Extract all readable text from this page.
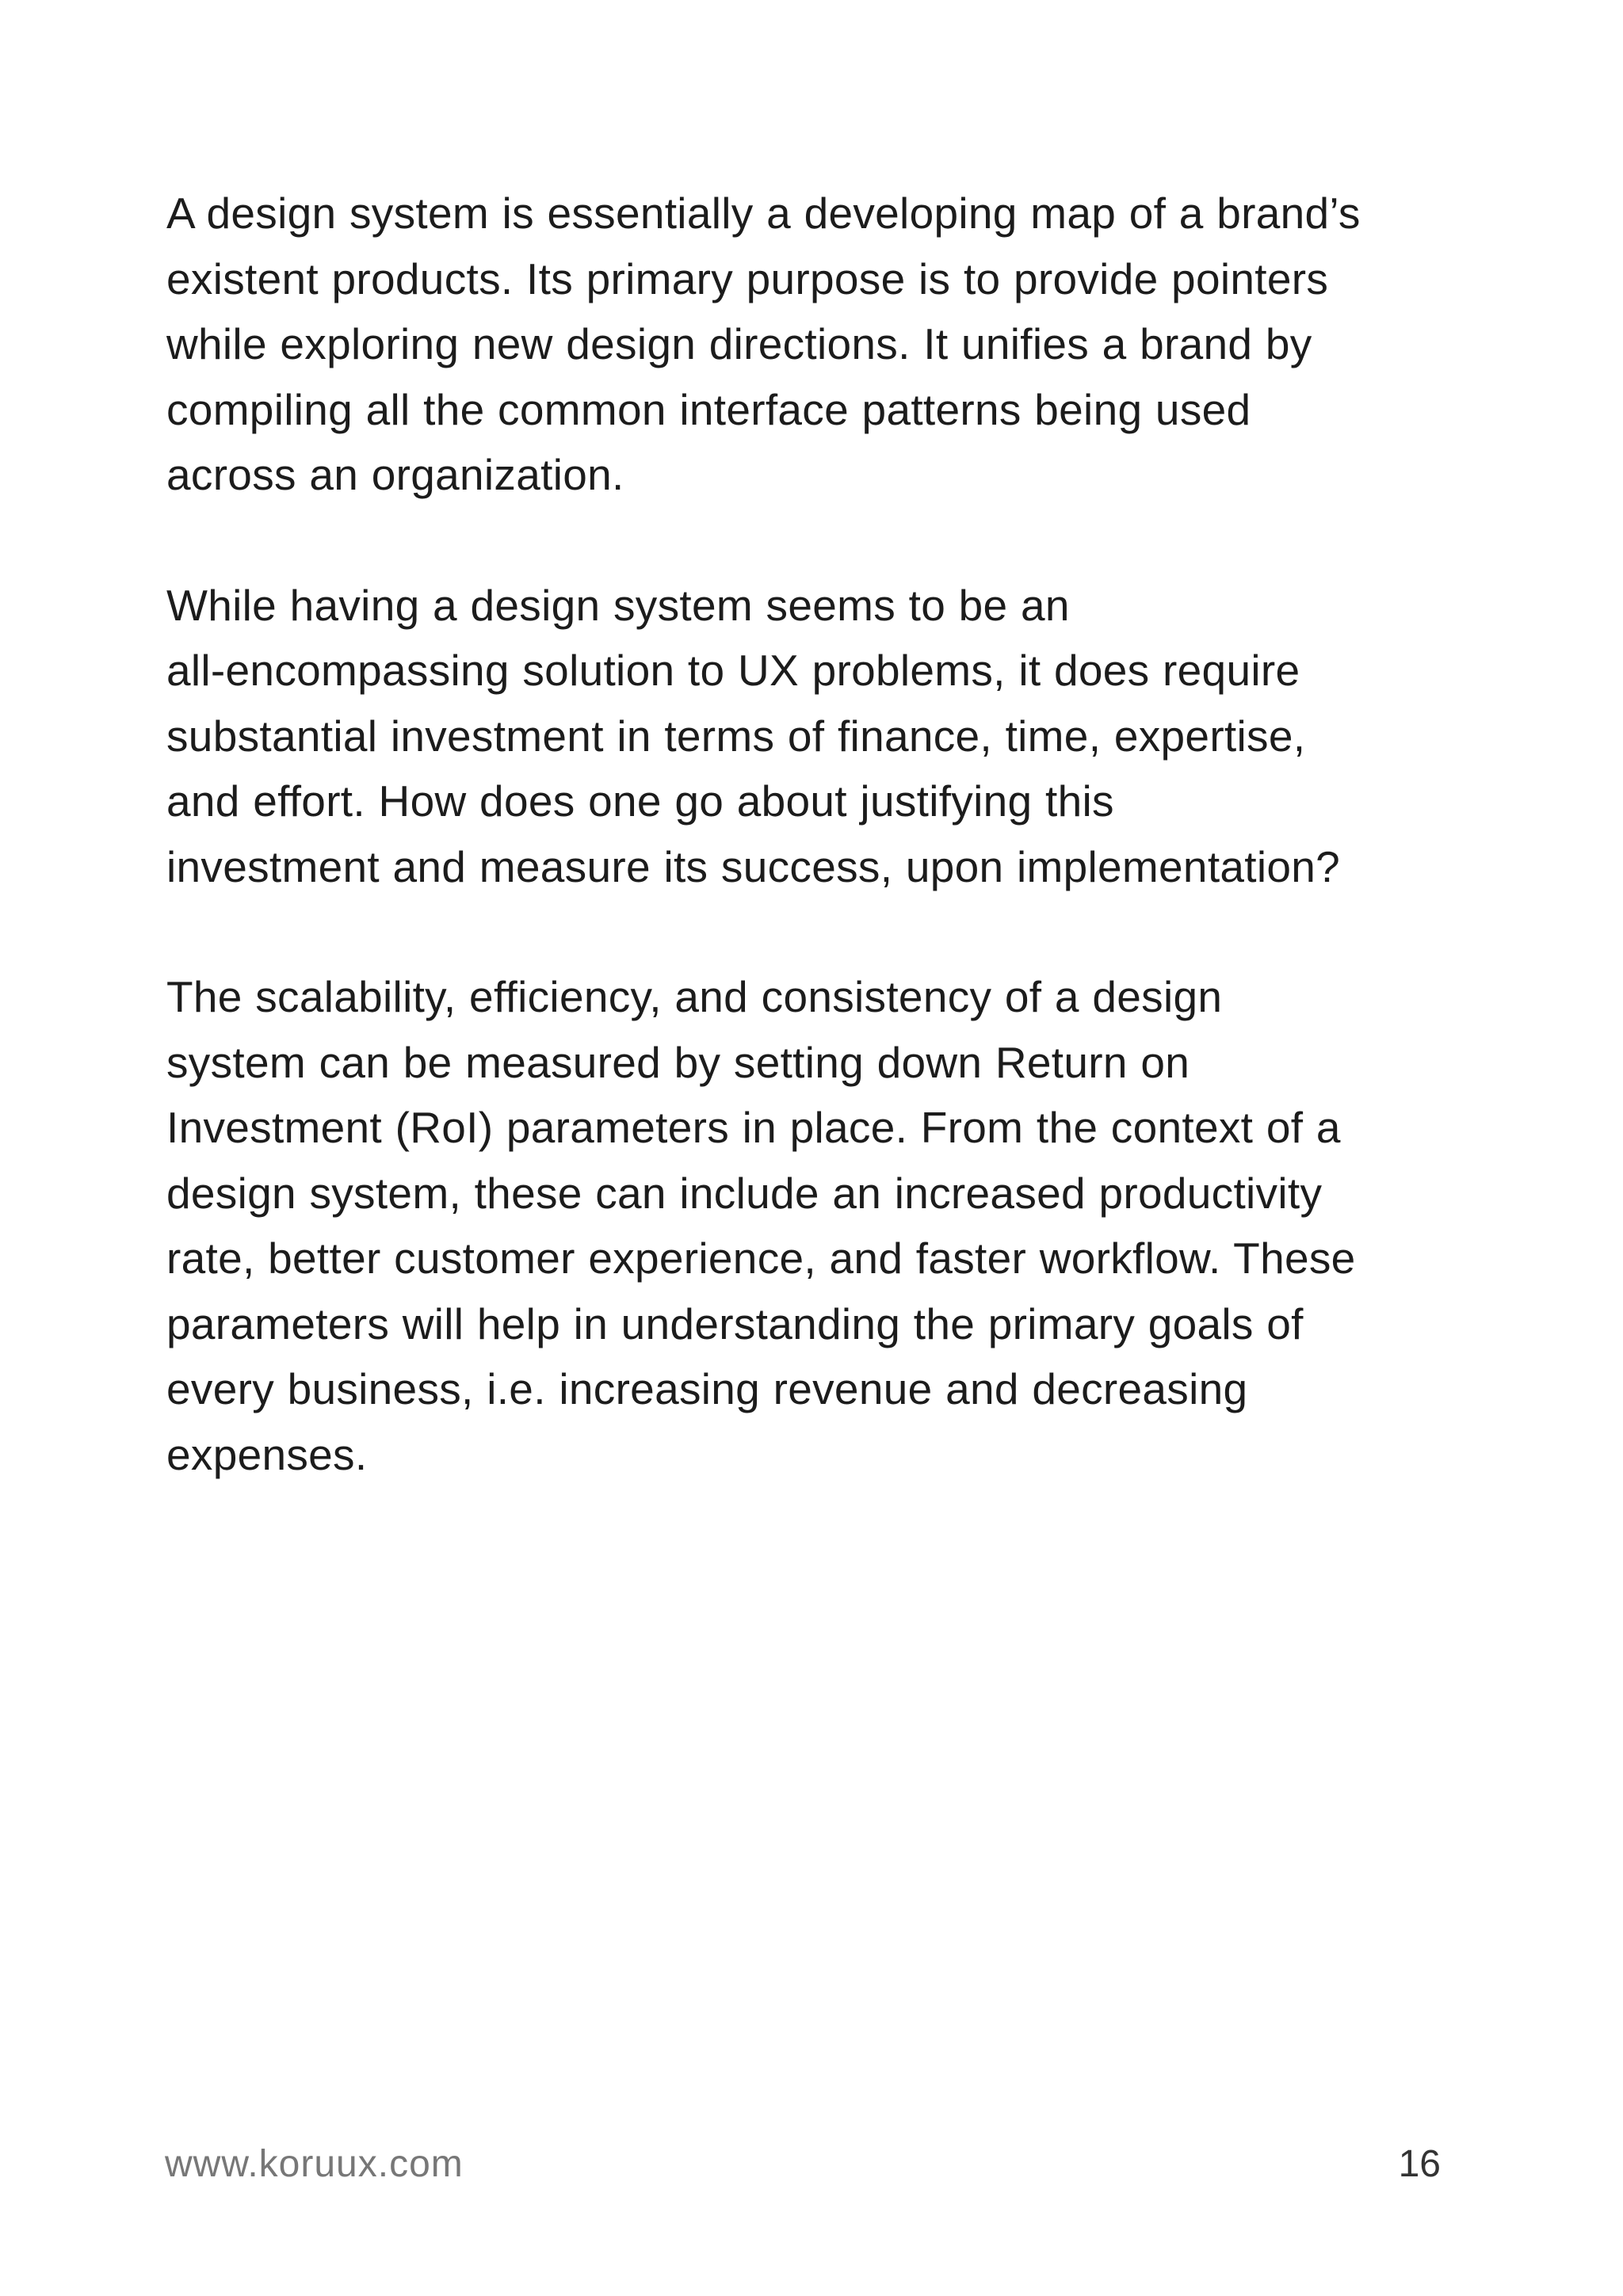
A design system is essentially a developing map of a brand’s
existent products. Its primary purpose is to provide pointers
while exploring new design directions. It unifies a brand by
compiling all the common interface patterns being used
across an organization.

While having a design system seems to be an
all-encompassing solution to UX problems, it does require
substantial investment in terms of finance, time, expertise,
and effort. How does one go about justifying this
investment and measure its success, upon implementation?

The scalability, efficiency, and consistency of a design
system can be measured by setting down Return on
Investment (RoI) parameters in place. From the context of a
design system, these can include an increased productivity
rate, better customer experience, and faster workflow. These
parameters will help in understanding the primary goals of
every business, i.e. increasing revenue and decreasing
expenses.

www.koruux.com	16
